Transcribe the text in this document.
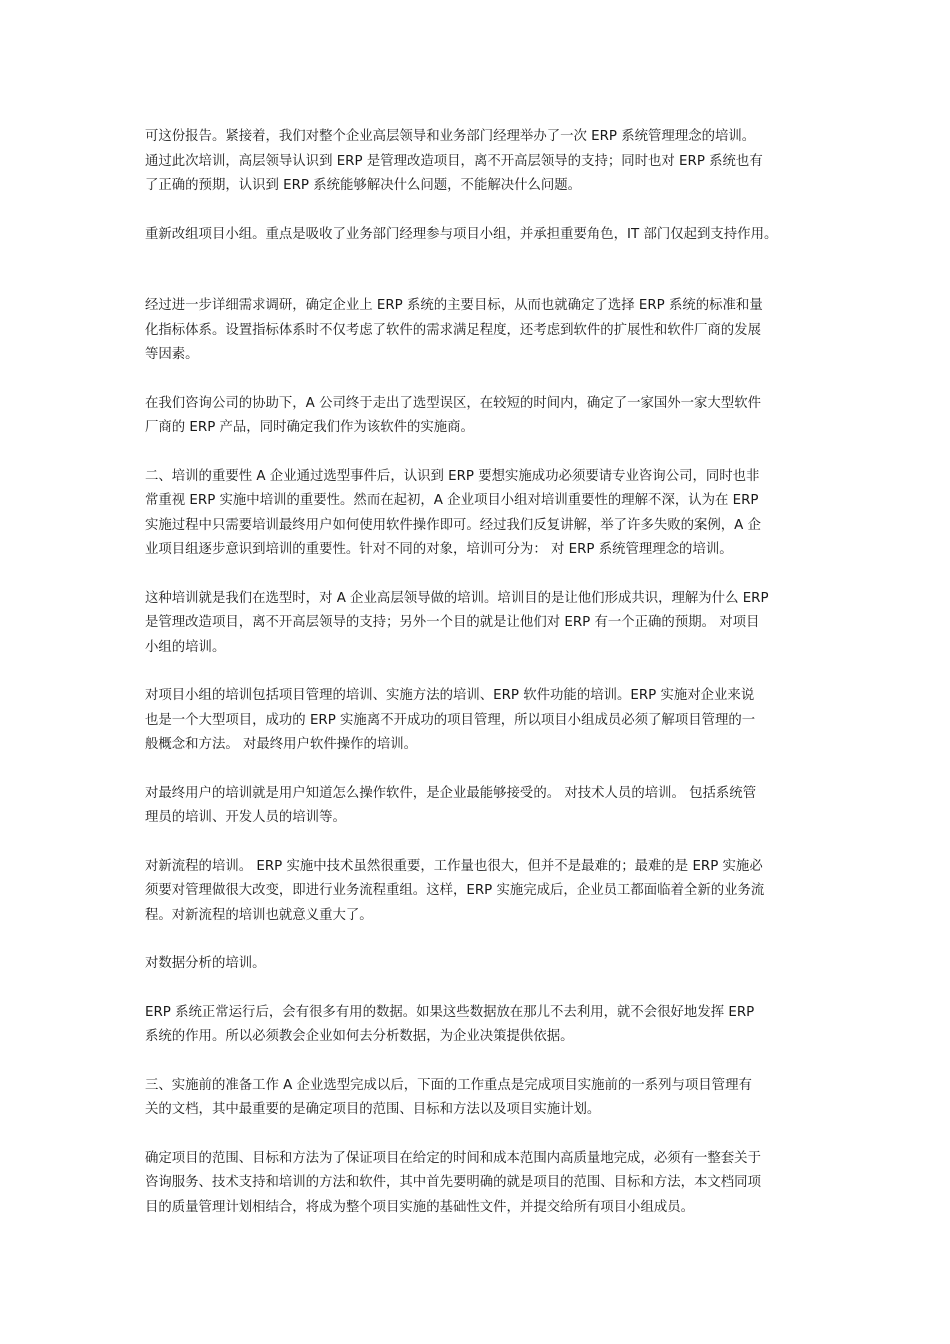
可这份报告。紧接着，我们对整个企业高层领导和业务部门经理举办了一次 ERP 系统管理理念的培训。
通过此次培训，高层领导认识到 ERP 是管理改造项目，离不开高层领导的支持；同时也对 ERP 系统也有
了正确的预期，认识到 ERP 系统能够解决什么问题，不能解决什么问题。

重新改组项目小组。重点是吸收了业务部门经理参与项目小组，并承担重要角色，IT 部门仅起到支持作用。

经过进一步详细需求调研，确定企业上 ERP 系统的主要目标，从而也就确定了选择 ERP 系统的标准和量
化指标体系。设置指标体系时不仅考虑了软件的需求满足程度，还考虑到软件的扩展性和软件厂商的发展
等因素。

在我们咨询公司的协助下，A 公司终于走出了选型误区，在较短的时间内，确定了一家国外一家大型软件
厂商的 ERP 产品，同时确定我们作为该软件的实施商。

二、培训的重要性 A 企业通过选型事件后，认识到 ERP 要想实施成功必须要请专业咨询公司，同时也非
常重视 ERP 实施中培训的重要性。然而在起初，A 企业项目小组对培训重要性的理解不深，认为在 ERP
实施过程中只需要培训最终用户如何使用软件操作即可。经过我们反复讲解，举了许多失败的案例，A 企
业项目组逐步意识到培训的重要性。针对不同的对象，培训可分为： 对 ERP 系统管理理念的培训。

这种培训就是我们在选型时，对 A 企业高层领导做的培训。培训目的是让他们形成共识，理解为什么 ERP
是管理改造项目，离不开高层领导的支持；另外一个目的就是让他们对 ERP 有一个正确的预期。 对项目
小组的培训。

对项目小组的培训包括项目管理的培训、实施方法的培训、ERP 软件功能的培训。ERP 实施对企业来说
也是一个大型项目，成功的 ERP 实施离不开成功的项目管理，所以项目小组成员必须了解项目管理的一
般概念和方法。 对最终用户软件操作的培训。

对最终用户的培训就是用户知道怎么操作软件，是企业最能够接受的。 对技术人员的培训。 包括系统管
理员的培训、开发人员的培训等。

对新流程的培训。 ERP 实施中技术虽然很重要，工作量也很大，但并不是最难的；最难的是 ERP 实施必
须要对管理做很大改变，即进行业务流程重组。这样，ERP 实施完成后，企业员工都面临着全新的业务流
程。对新流程的培训也就意义重大了。

对数据分析的培训。

ERP 系统正常运行后，会有很多有用的数据。如果这些数据放在那儿不去利用，就不会很好地发挥 ERP
系统的作用。所以必须教会企业如何去分析数据，为企业决策提供依据。

三、实施前的准备工作 A 企业选型完成以后，下面的工作重点是完成项目实施前的一系列与项目管理有
关的文档，其中最重要的是确定项目的范围、目标和方法以及项目实施计划。

确定项目的范围、目标和方法为了保证项目在给定的时间和成本范围内高质量地完成，必须有一整套关于
咨询服务、技术支持和培训的方法和软件，其中首先要明确的就是项目的范围、目标和方法，本文档同项
目的质量管理计划相结合，将成为整个项目实施的基础性文件，并提交给所有项目小组成员。
